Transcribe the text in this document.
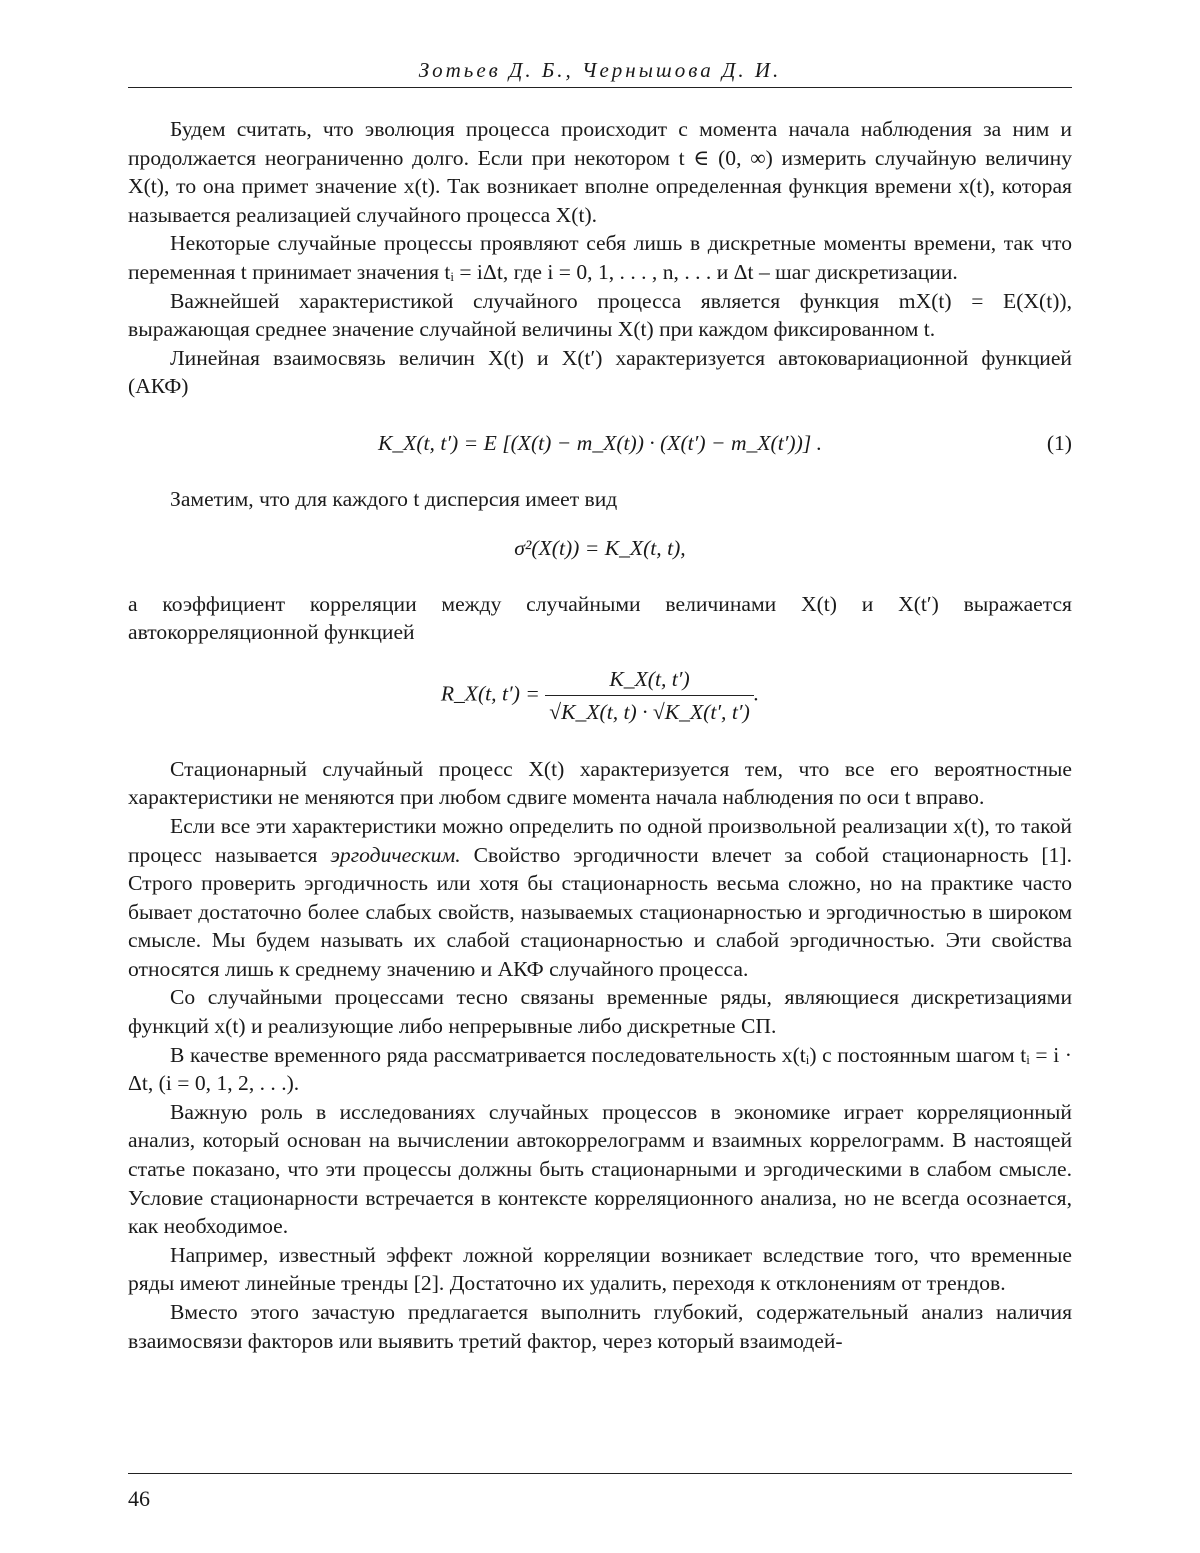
Зотьев Д. Б., Чернышова Д. И.

Будем считать, что эволюция процесса происходит с момента начала наблюдения за ним и продолжается неограниченно долго. Если при некотором t ∈ (0, ∞) измерить случайную величину X(t), то она примет значение x(t). Так возникает вполне определенная функция времени x(t), которая называется реализацией случайного процесса X(t).

Некоторые случайные процессы проявляют себя лишь в дискретные моменты времени, так что переменная t принимает значения tᵢ = iΔt, где i = 0, 1, . . . , n, . . . и Δt – шаг дискретизации.

Важнейшей характеристикой случайного процесса является функция mX(t) = E(X(t)), выражающая среднее значение случайной величины X(t) при каждом фиксированном t.

Линейная взаимосвязь величин X(t) и X(t′) характеризуется автоковариационной функцией (АКФ)

K_X(t, t′) = E [(X(t) − m_X(t)) · (X(t′) − m_X(t′))] .	(1)

Заметим, что для каждого t дисперсия имеет вид

σ²(X(t)) = K_X(t, t),

а коэффициент корреляции между случайными величинами X(t) и X(t′) выражается автокорреляционной функцией

R_X(t, $t') = \frac{K\_X(t, t')}{√K\_X(t, t) \cdot √K\_X(t', t')}$ .

Стационарный случайный процесс X(t) характеризуется тем, что все его вероятностные характеристики не меняются при любом сдвиге момента начала наблюдения по оси t вправо.

Если все эти характеристики можно определить по одной произвольной реализации x(t), то такой процесс называется эргодическим. Свойство эргодичности влечет за собой стационарность [1]. Строго проверить эргодичность или хотя бы стационарность весьма сложно, но на практике часто бывает достаточно более слабых свойств, называемых стационарностью и эргодичностью в широком смысле. Мы будем называть их слабой стационарностью и слабой эргодичностью. Эти свойства относятся лишь к среднему значению и АКФ случайного процесса.

Со случайными процессами тесно связаны временные ряды, являющиеся дискретизациями функций x(t) и реализующие либо непрерывные либо дискретные СП.

В качестве временного ряда рассматривается последовательность x(tᵢ) с постоянным шагом tᵢ = i · Δt, (i = 0, 1, 2, . . .).

Важную роль в исследованиях случайных процессов в экономике играет корреляционный анализ, который основан на вычислении автокоррелограмм и взаимных коррелограмм. В настоящей статье показано, что эти процессы должны быть стационарными и эргодическими в слабом смысле. Условие стационарности встречается в контексте корреляционного анализа, но не всегда осознается, как необходимое.

Например, известный эффект ложной корреляции возникает вследствие того, что временные ряды имеют линейные тренды [2]. Достаточно их удалить, переходя к отклонениям от трендов.

Вместо этого зачастую предлагается выполнить глубокий, содержательный анализ наличия взаимосвязи факторов или выявить третий фактор, через который взаимодей-

46
